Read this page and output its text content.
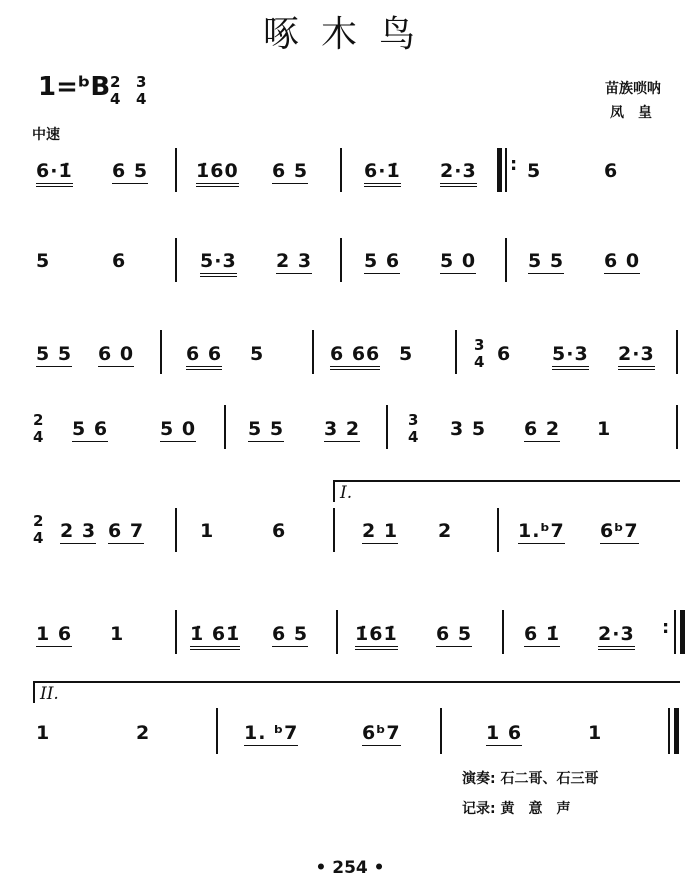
啄木鸟
1=ᵇB 2
4
3
4
苗族唢呐
凤　皇
中速
6·1̇ 6 5	1̇60 6 5	6·1̇ 2·3 : 5	6
5	6	5·3 2 3	5 6 5 0	5 5 6 0
5 5 6 0	6 6 5	6 66 5	3
4 6 5·3 2·3
2
4 5 6	5 0	5 5 3 2	3
4 3 5 6 2 1
I.
2
4 2 3 6 7	1	6	2 1 2	1.ᵇ7 6ᵇ7
1 6 1	1̇ 61̇ 6 5 1̇61̇ 6 5	6 1̇ 2·3 :
II.
1	2	1. ᵇ7	6ᵇ7	1 6	1
演奏: 石二哥、石三哥
记录: 黄　意　声
• 254 •
